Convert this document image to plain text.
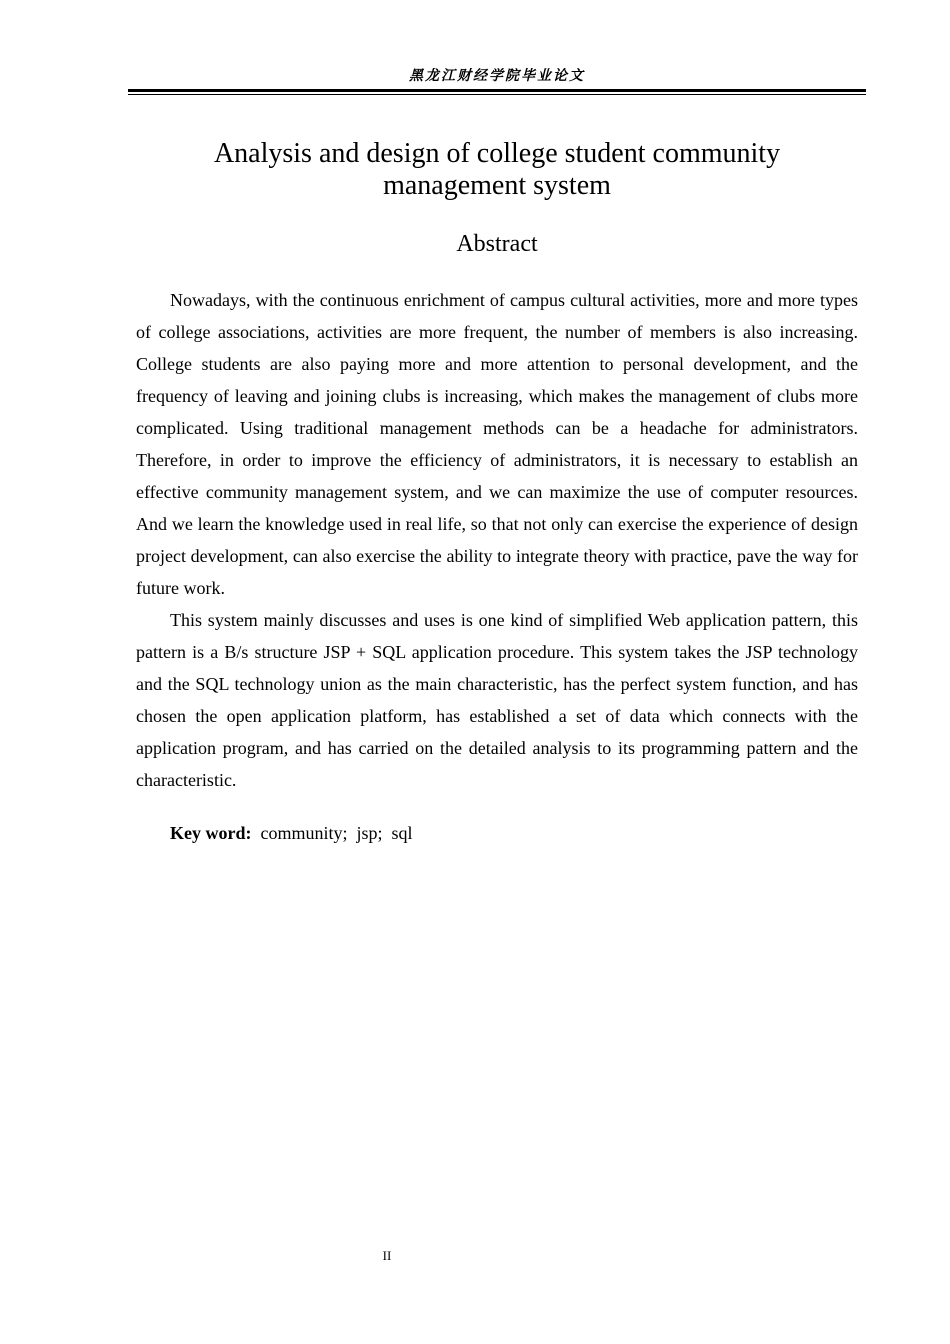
黑龙江财经学院毕业论文
Analysis and design of college student community
management system
Abstract

Nowadays, with the continuous enrichment of campus cultural activities, more and more types of college associations, activities are more frequent, the number of members is also increasing. College students are also paying more and more attention to personal development, and the frequency of leaving and joining clubs is increasing, which makes the management of clubs more complicated. Using traditional management methods can be a headache for administrators. Therefore, in order to improve the efficiency of administrators, it is necessary to establish an effective community management system, and we can maximize the use of computer resources. And we learn the knowledge used in real life, so that not only can exercise the experience of design project development, can also exercise the ability to integrate theory with practice, pave the way for future work.

This system mainly discusses and uses is one kind of simplified Web application pattern, this pattern is a B/s structure JSP + SQL application procedure. This system takes the JSP technology and the SQL technology union as the main characteristic, has the perfect system function, and has chosen the open application platform, has established a set of data which connects with the application program, and has carried on the detailed analysis to its programming pattern and the characteristic.

Key word: community;  jsp;  sql
II
